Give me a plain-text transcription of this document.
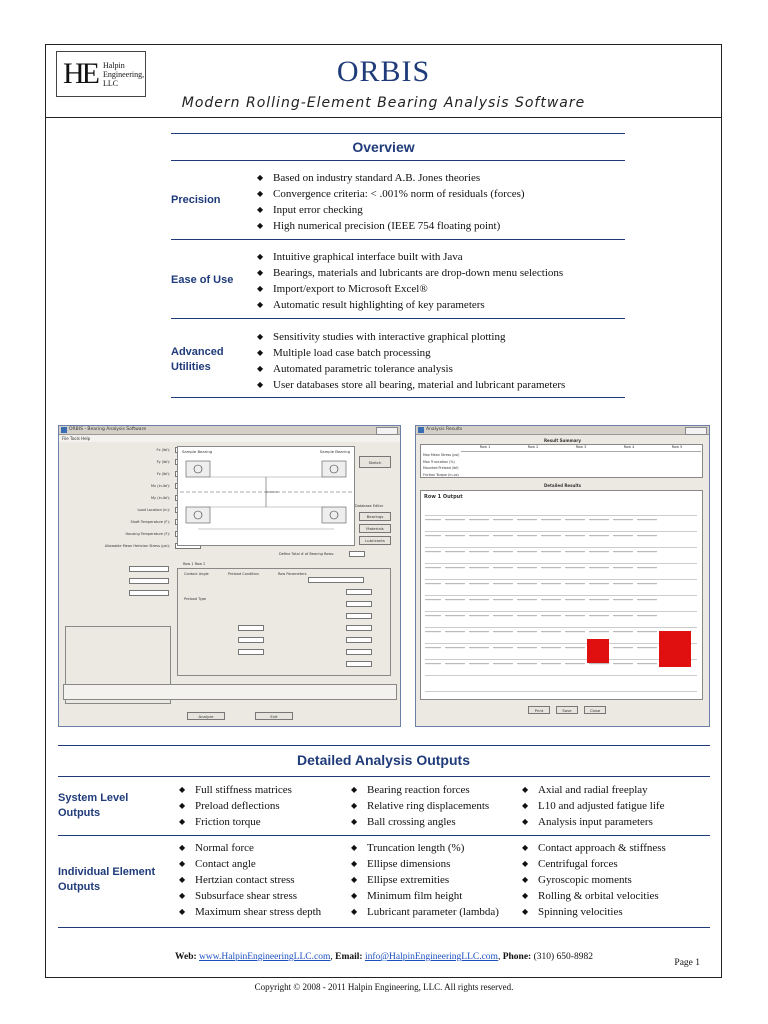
HE Halpin
Engineering,
LLC	ORBIS
Modern Rolling-Element Bearing Analysis Software
Overview
Precision
◆ Based on industry standard A.B. Jones theories
◆ Convergence criteria: < .001% norm of residuals (forces)
◆ Input error checking
◆ High numerical precision (IEEE 754 floating point)
Ease of Use
◆ Intuitive graphical interface built with Java
◆ Bearings, materials and lubricants are drop-down menu selections
◆ Import/export to Microsoft Excel®
◆ Automatic result highlighting of key parameters
Advanced
Utilities
◆ Sensitivity studies with interactive graphical plotting
◆ Multiple load case batch processing
◆ Automated parametric tolerance analysis
◆ User databases store all bearing, material and lubricant parameters
ORBIS - Bearing Analysis Software
File Tools Help
Fx (lbf):
Fy (lbf):
Fz (lbf):
Mx (in-lbf):
My (in-lbf):
Load Location (in):
Shaft Temperature (F):
Housing Temperature (F):
Allowable Mean Hertzian Stress (psi):
Sample Bearing	Sample Bearing
Sketch
Database Editor
Bearings
Materials
Lubricants
Define Total # of Bearing Rows:
Row 1 Row 2
Contact Angle	Preload Condition
Preload Type
Row Parameters
Analyze	Exit
Analysis Results
Result Summary
Row 1	Row 2	Row 3	Row 4	Row 5
Max Mean Stress (psi)
Max Truncation (%)
Mounted Preload (lbf)
Friction Torque (in-oz)
Detailed Results
Row 1 Output
Print	Save	Close
Detailed Analysis Outputs
System Level
Outputs
◆ Full stiffness matrices
◆ Preload deflections
◆ Friction torque
◆ Bearing reaction forces
◆ Relative ring displacements
◆ Ball crossing angles
◆ Axial and radial freeplay
◆ L10 and adjusted fatigue life
◆ Analysis input parameters
Individual Element
Outputs
◆ Normal force
◆ Contact angle
◆ Hertzian contact stress
◆ Subsurface shear stress
◆ Maximum shear stress depth
◆ Truncation length (%)
◆ Ellipse dimensions
◆ Ellipse extremities
◆ Minimum film height
◆ Lubricant parameter (lambda)
◆ Contact approach & stiffness
◆ Centrifugal forces
◆ Gyroscopic moments
◆ Rolling & orbital velocities
◆ Spinning velocities
Web: www.HalpinEngineeringLLC.com, Email: info@HalpinEngineeringLLC.com, Phone: (310) 650-8982
Page 1
Copyright © 2008 - 2011 Halpin Engineering, LLC. All rights reserved.
